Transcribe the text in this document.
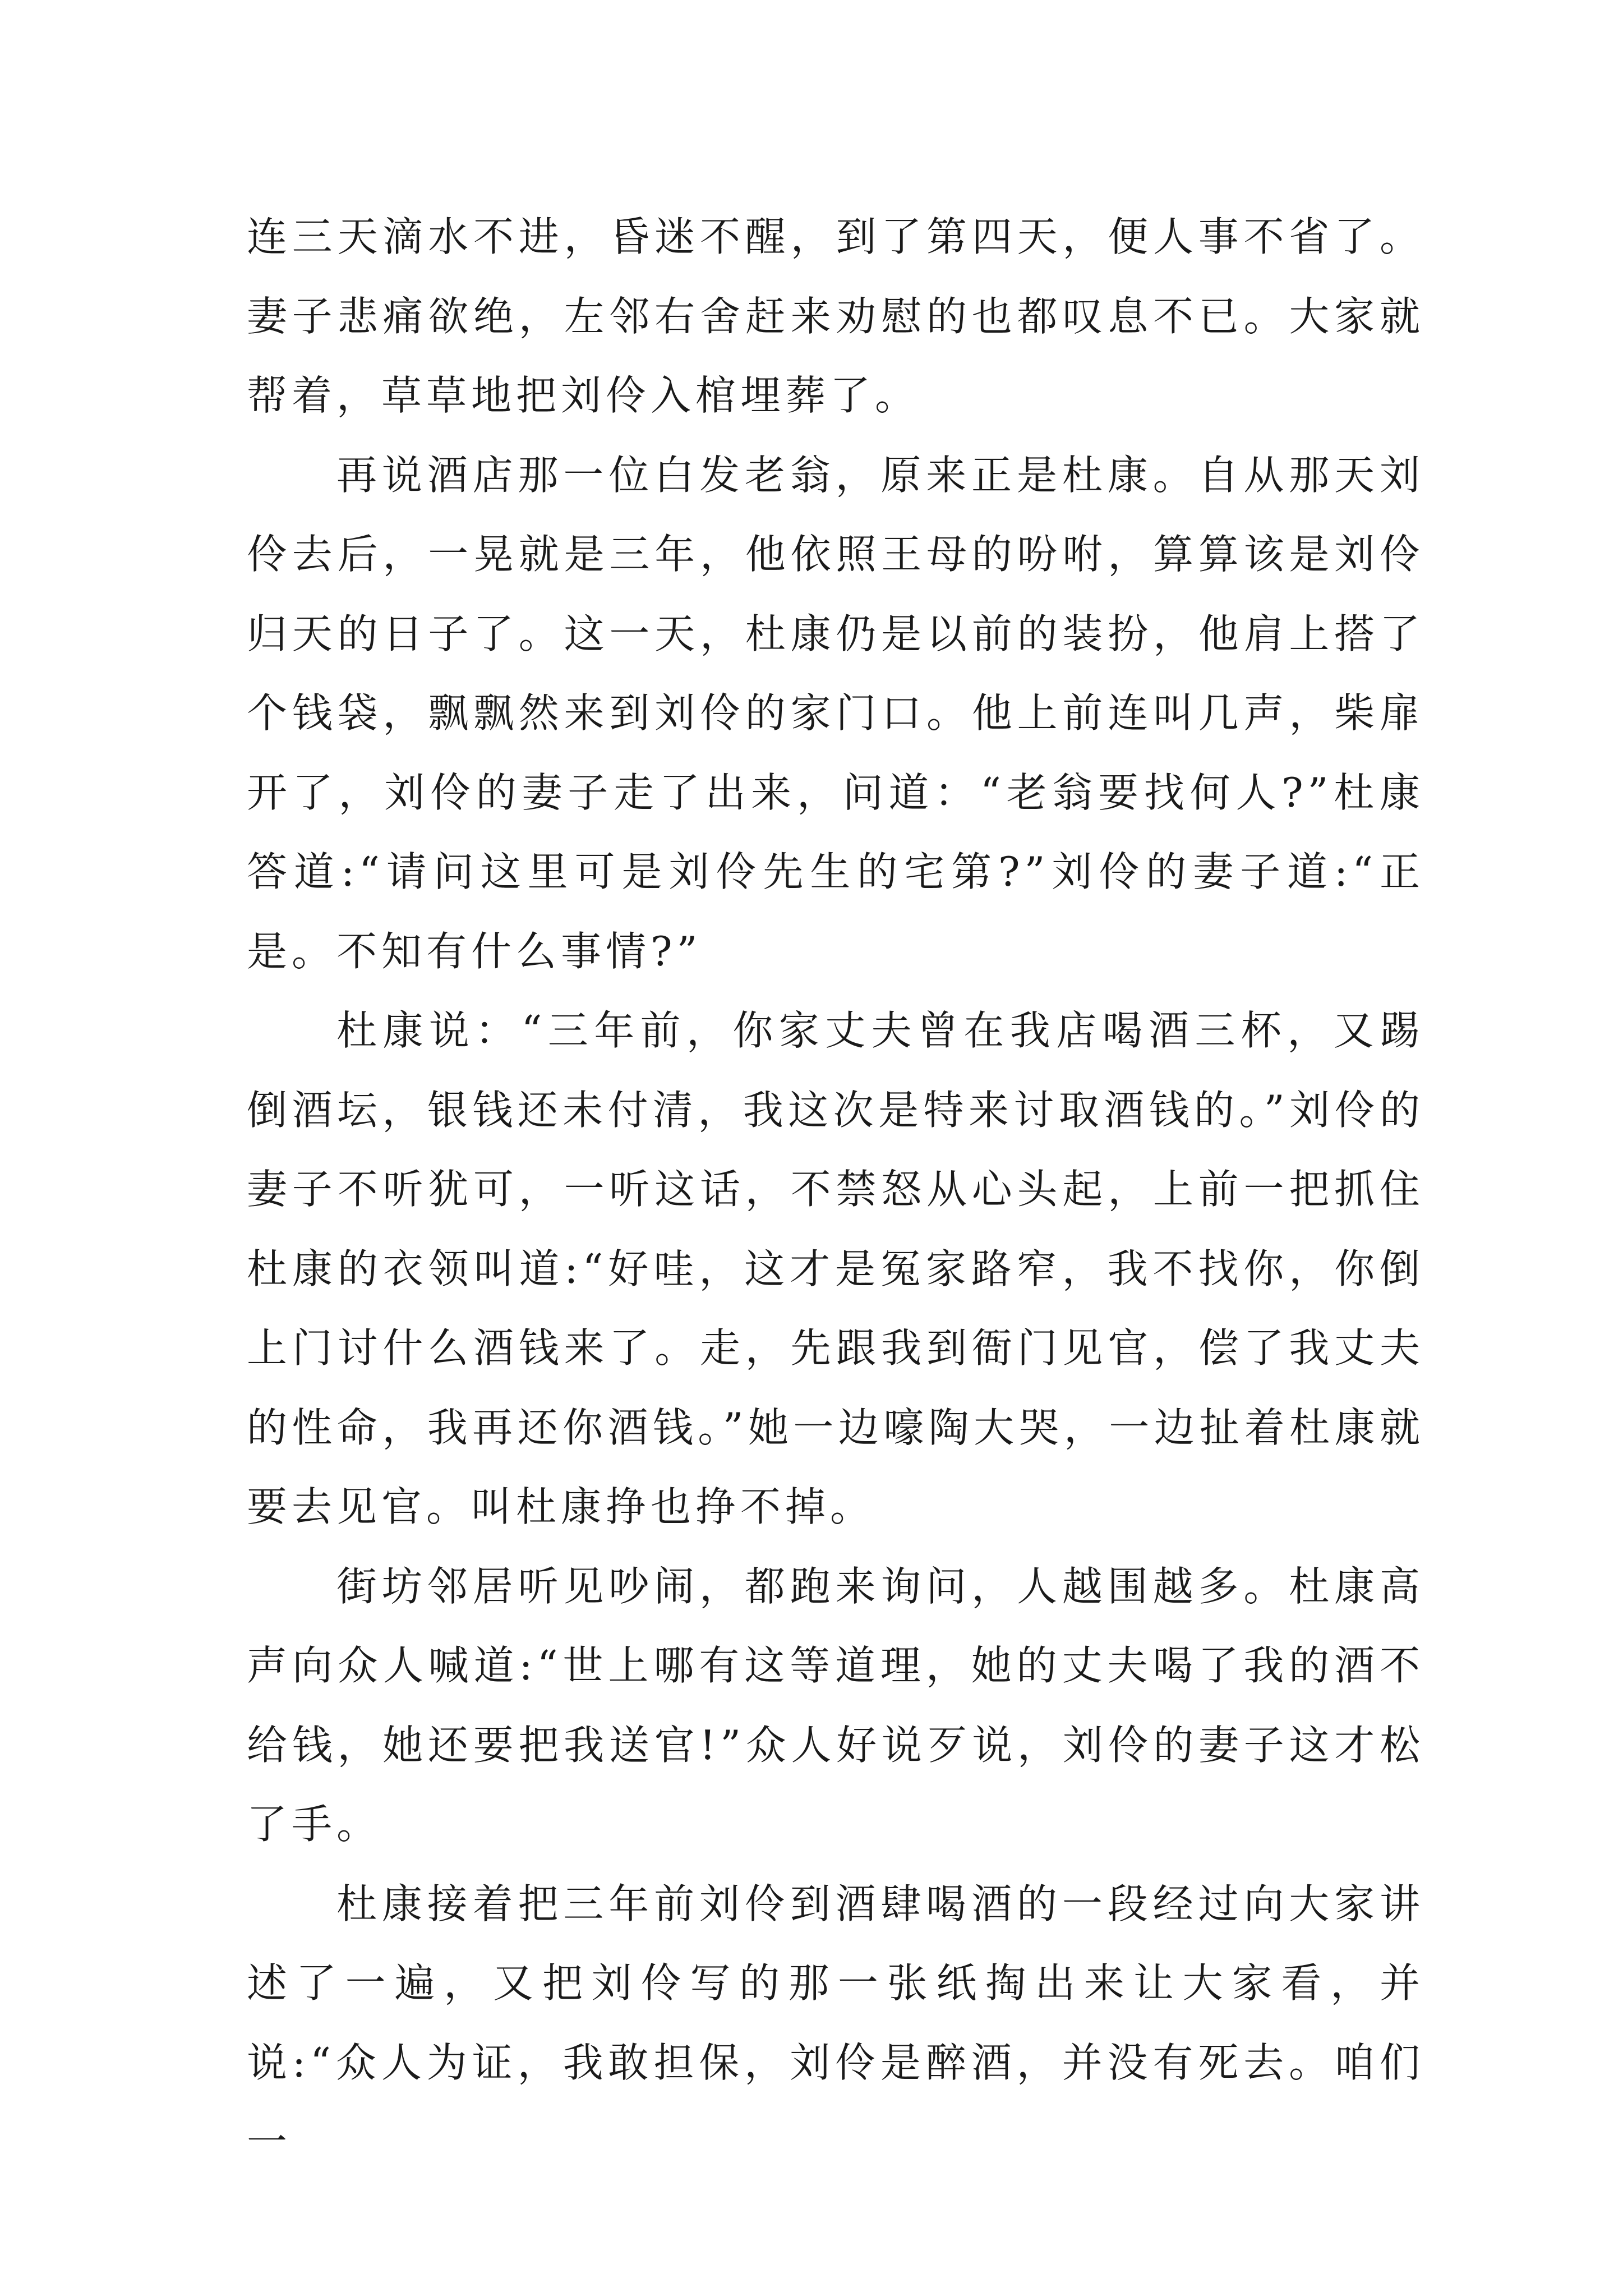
连三天滴水不进，昏迷不醒，到了第四天，便人事不省了。妻子悲痛欲绝，左邻右舍赶来劝慰的也都叹息不已。大家就帮着，草草地把刘伶入棺埋葬了。

再说酒店那一位白发老翁，原来正是杜康。自从那天刘伶去后，一晃就是三年，他依照王母的吩咐，算算该是刘伶归天的日子了。这一天，杜康仍是以前的装扮，他肩上搭了个钱袋，飘飘然来到刘伶的家门口。他上前连叫几声，柴扉开了，刘伶的妻子走了出来，问道：“老翁要找何人?”杜康答道:“请问这里可是刘伶先生的宅第?”刘伶的妻子道:“正是。不知有什么事情?”

杜康说：“三年前，你家丈夫曾在我店喝酒三杯，又踢倒酒坛，银钱还未付清，我这次是特来讨取酒钱的。”刘伶的妻子不听犹可，一听这话，不禁怒从心头起，上前一把抓住杜康的衣领叫道:“好哇，这才是冤家路窄，我不找你，你倒上门讨什么酒钱来了。走，先跟我到衙门见官，偿了我丈夫的性命，我再还你酒钱。”她一边嚎陶大哭，一边扯着杜康就要去见官。叫杜康挣也挣不掉。

街坊邻居听见吵闹，都跑来询问，人越围越多。杜康高声向众人喊道:“世上哪有这等道理，她的丈夫喝了我的酒不给钱，她还要把我送官!”众人好说歹说，刘伶的妻子这才松了手。

杜康接着把三年前刘伶到酒肆喝酒的一段经过向大家讲述了一遍，又把刘伶写的那一张纸掏出来让大家看，并说:“众人为证，我敢担保，刘伶是醉酒，并没有死去。咱们一
